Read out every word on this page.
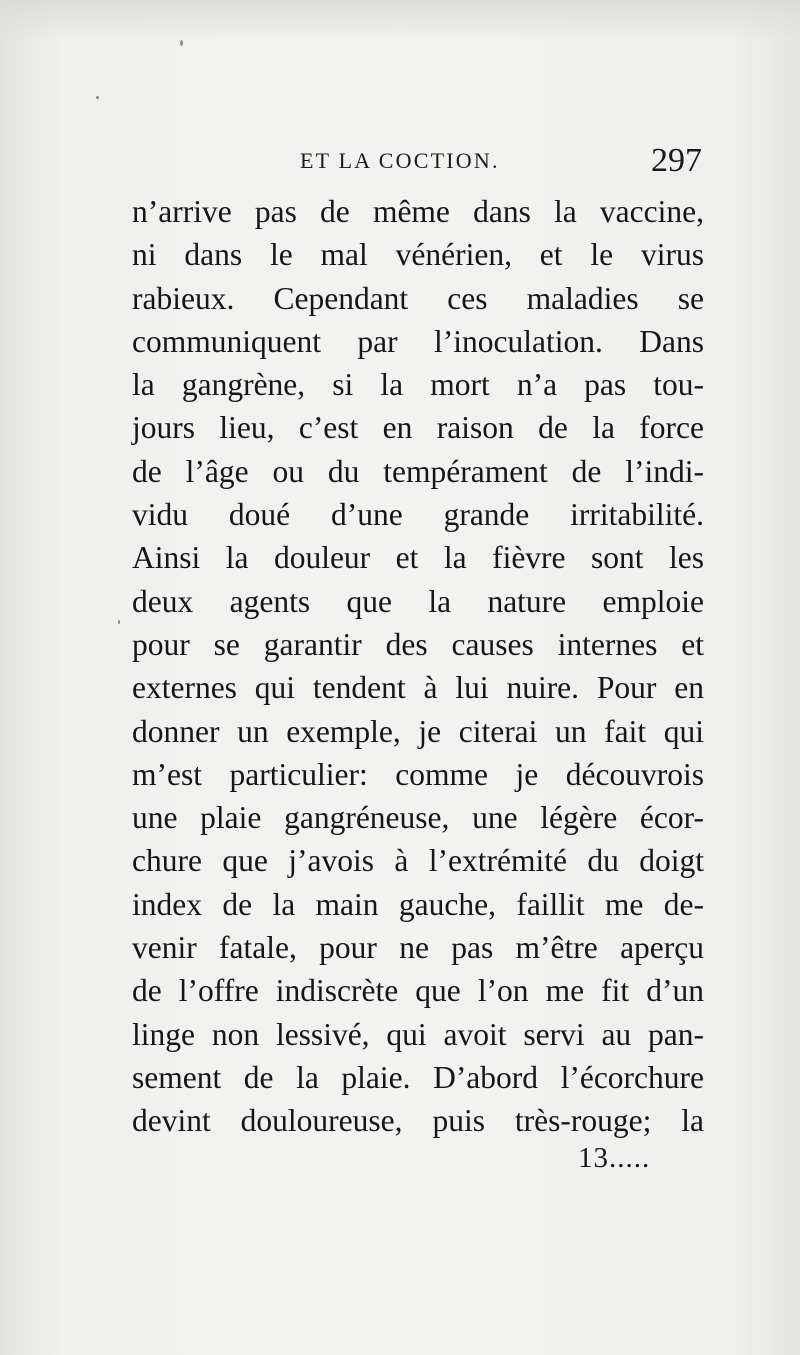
ET LA COCTION.	297
n’arrive pas de même dans la vaccine,
ni dans le mal vénérien, et le virus
rabieux. Cependant ces maladies se
communiquent par l’inoculation. Dans
la gangrène, si la mort n’a pas tou-
jours lieu, c’est en raison de la force
de l’âge ou du tempérament de l’indi-
vidu doué d’une grande irritabilité.
Ainsi la douleur et la fièvre sont les
deux agents que la nature emploie
pour se garantir des causes internes et
externes qui tendent à lui nuire. Pour en
donner un exemple, je citerai un fait qui
m’est particulier: comme je découvrois
une plaie gangréneuse, une légère écor-
chure que j’avois à l’extrémité du doigt
index de la main gauche, faillit me de-
venir fatale, pour ne pas m’être aperçu
de l’offre indiscrète que l’on me fit d’un
linge non lessivé, qui avoit servi au pan-
sement de la plaie. D’abord l’écorchure
devint douloureuse, puis très-rouge; la
13.....
